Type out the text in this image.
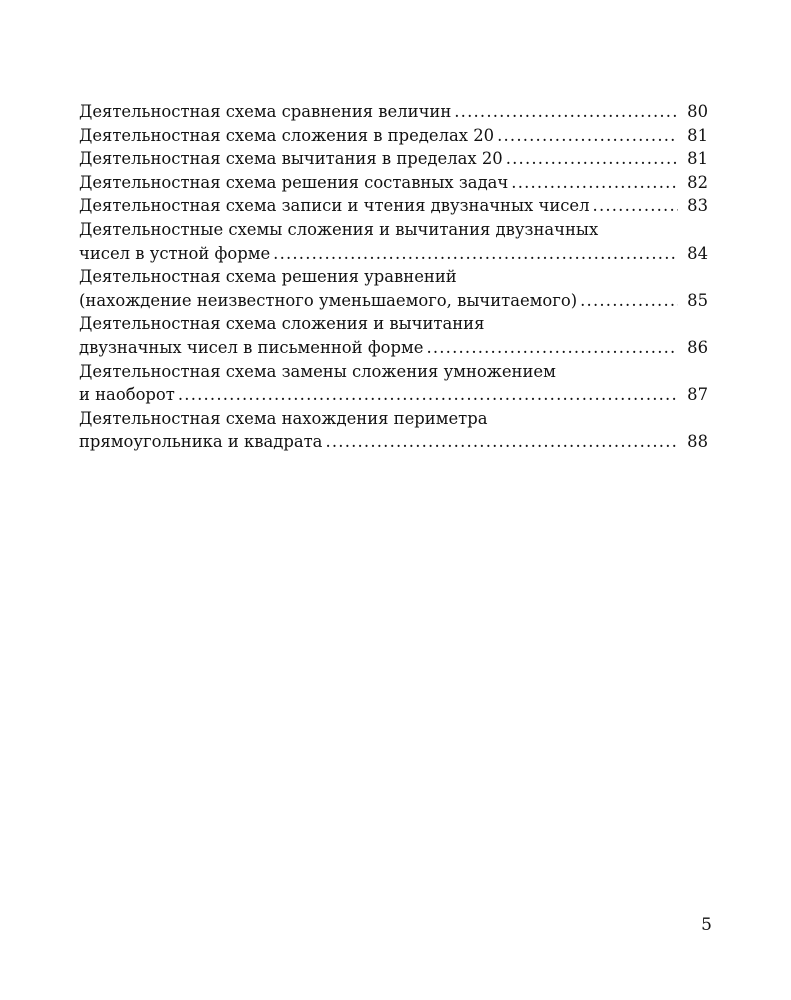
Деятельностная схема сравнения величин .....	80
Деятельностная схема сложения в пределах 20 .....	81
Деятельностная схема вычитания в пределах 20 .....	81
Деятельностная схема решения составных задач .....	82
Деятельностная схема записи и чтения двузначных чисел .....	83
Деятельностные схемы сложения и вычитания двузначных
чисел в устной форме .....	84
Деятельностная схема решения уравнений
(нахождение неизвестного уменьшаемого, вычитаемого) .....	85
Деятельностная схема сложения и вычитания
двузначных чисел в письменной форме .....	86
Деятельностная схема замены сложения умножением
и наоборот .....	87
Деятельностная схема нахождения периметра
прямоугольника и квадрата .....	88
5
